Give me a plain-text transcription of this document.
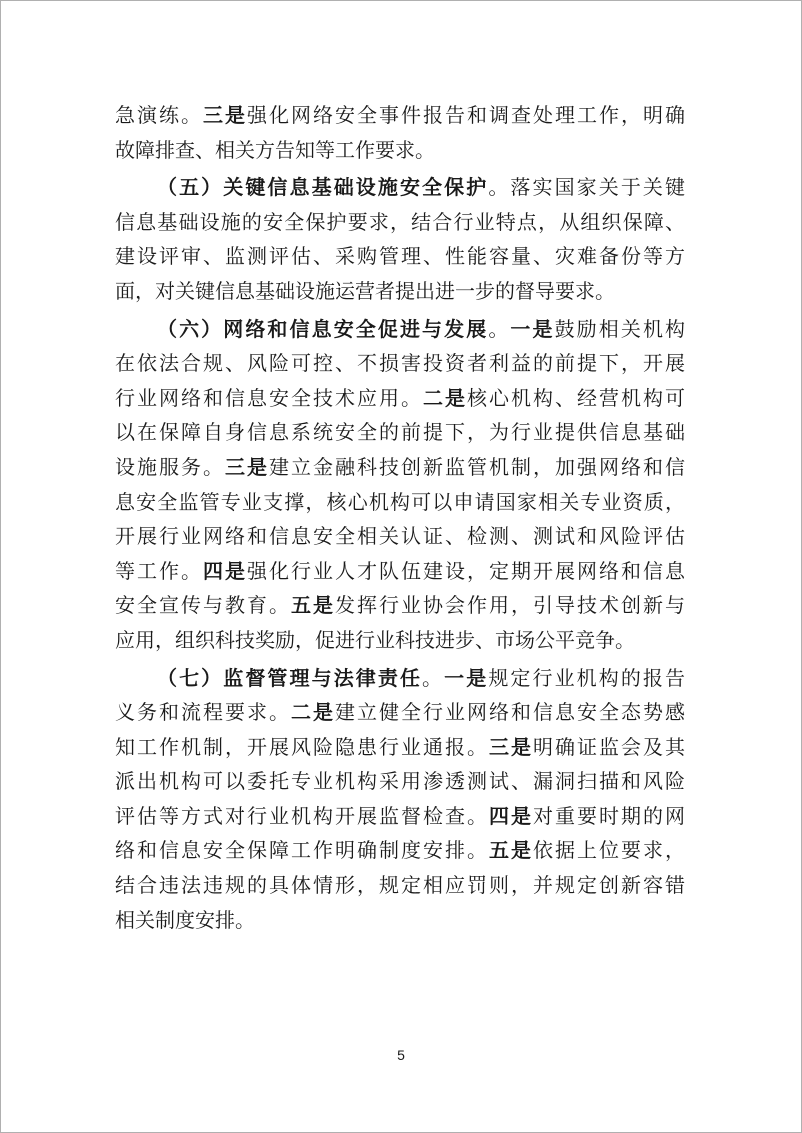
急演练。三是强化网络安全事件报告和调查处理工作，明确
故障排查、相关方告知等工作要求。
（五）关键信息基础设施安全保护。落实国家关于关键
信息基础设施的安全保护要求，结合行业特点，从组织保障、
建设评审、监测评估、采购管理、性能容量、灾难备份等方
面，对关键信息基础设施运营者提出进一步的督导要求。
（六）网络和信息安全促进与发展。一是鼓励相关机构
在依法合规、风险可控、不损害投资者利益的前提下，开展
行业网络和信息安全技术应用。二是核心机构、经营机构可
以在保障自身信息系统安全的前提下，为行业提供信息基础
设施服务。三是建立金融科技创新监管机制，加强网络和信
息安全监管专业支撑，核心机构可以申请国家相关专业资质，
开展行业网络和信息安全相关认证、检测、测试和风险评估
等工作。四是强化行业人才队伍建设，定期开展网络和信息
安全宣传与教育。五是发挥行业协会作用，引导技术创新与
应用，组织科技奖励，促进行业科技进步、市场公平竞争。
（七）监督管理与法律责任。一是规定行业机构的报告
义务和流程要求。二是建立健全行业网络和信息安全态势感
知工作机制，开展风险隐患行业通报。三是明确证监会及其
派出机构可以委托专业机构采用渗透测试、漏洞扫描和风险
评估等方式对行业机构开展监督检查。四是对重要时期的网
络和信息安全保障工作明确制度安排。五是依据上位要求，
结合违法违规的具体情形，规定相应罚则，并规定创新容错
相关制度安排。
5
